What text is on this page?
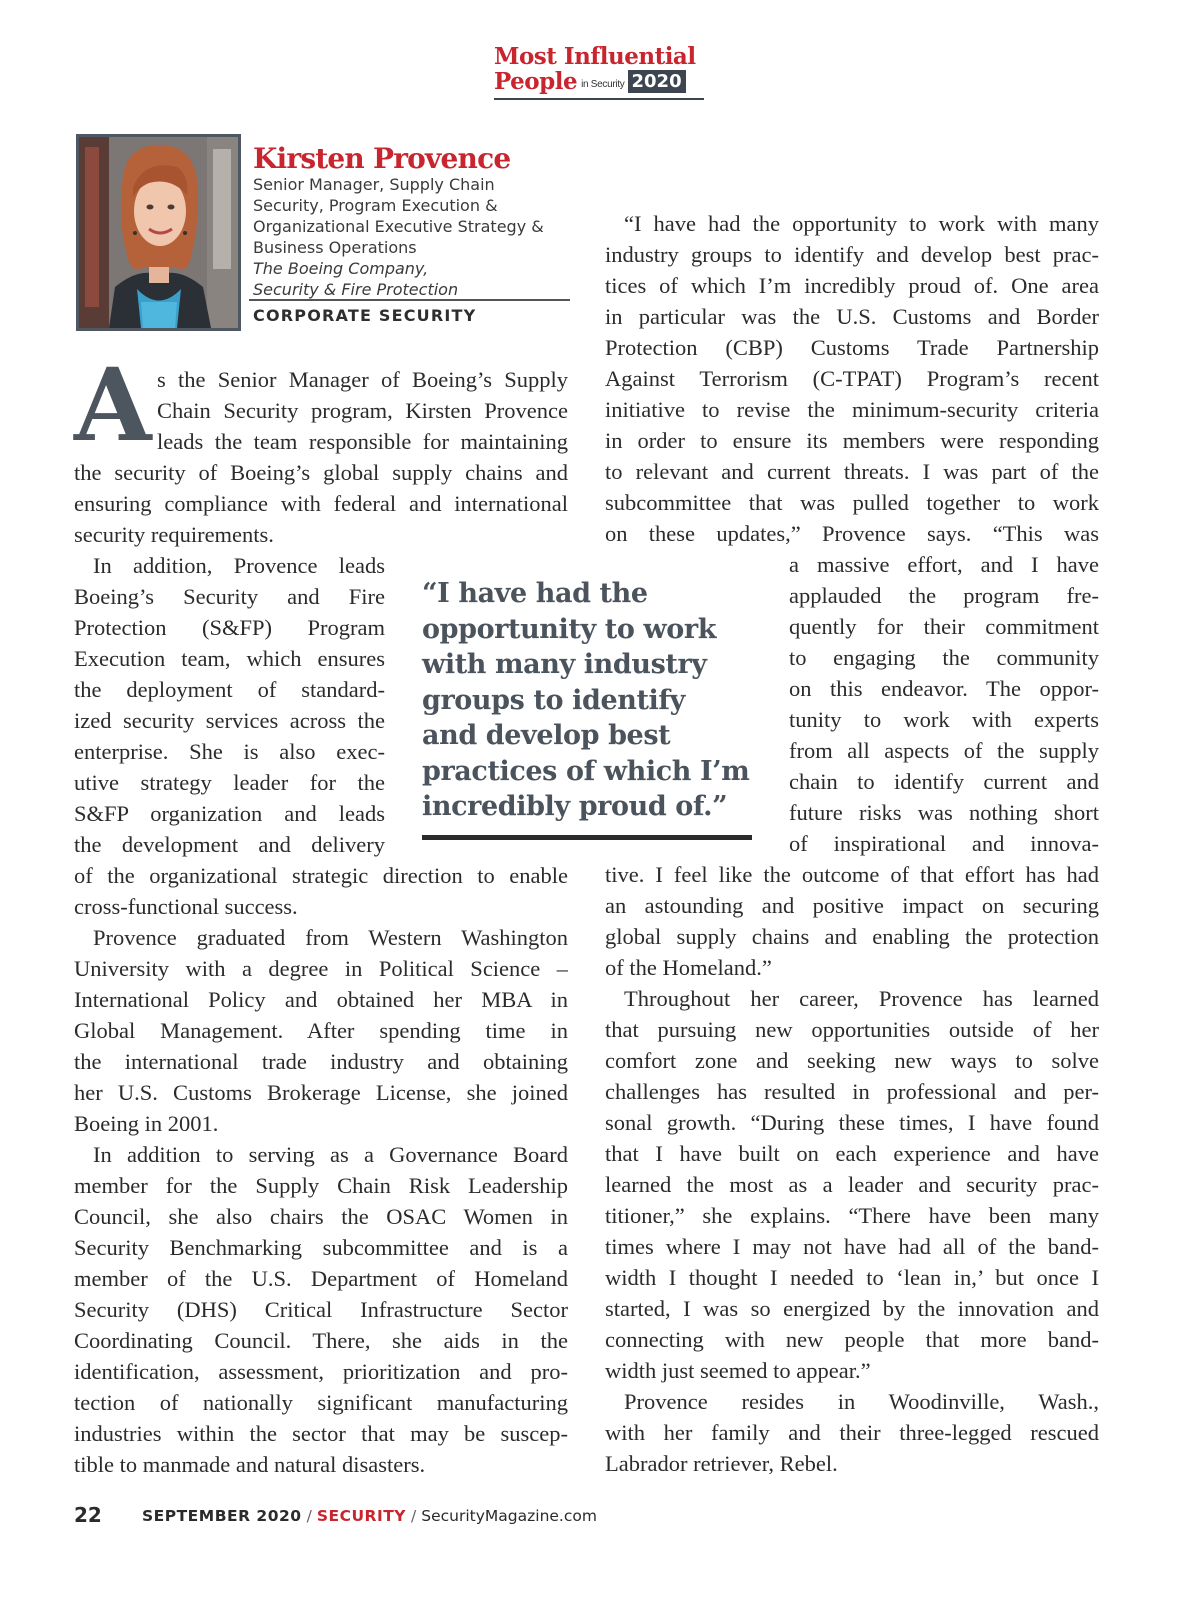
Most Influential
People in Security 2020
Kirsten Provence
Senior Manager, Supply Chain
Security, Program Execution &
Organizational Executive Strategy &
Business Operations
The Boeing Company,
Security & Fire Protection
CORPORATE SECURITY
A s the Senior Manager of Boeing’s Supply
Chain Security program, Kirsten Provence
leads the team responsible for maintaining
the security of Boeing’s global supply chains and
ensuring compliance with federal and international
security requirements.
In addition, Provence leads
Boeing’s Security and Fire
Protection (S&FP) Program
Execution team, which ensures
the deployment of standard-
ized security services across the
enterprise. She is also exec-
utive strategy leader for the
S&FP organization and leads
the development and delivery
of the organizational strategic direction to enable
cross-functional success.
Provence graduated from Western Washington
University with a degree in Political Science –
International Policy and obtained her MBA in
Global Management. After spending time in
the international trade industry and obtaining
her U.S. Customs Brokerage License, she joined
Boeing in 2001.
In addition to serving as a Governance Board
member for the Supply Chain Risk Leadership
Council, she also chairs the OSAC Women in
Security Benchmarking subcommittee and is a
member of the U.S. Department of Homeland
Security (DHS) Critical Infrastructure Sector
Coordinating Council. There, she aids in the
identification, assessment, prioritization and pro-
tection of nationally significant manufacturing
industries within the sector that may be suscep-
tible to manmade and natural disasters.
“I have had the opportunity to work with many
industry groups to identify and develop best prac-
tices of which I’m incredibly proud of. One area
in particular was the U.S. Customs and Border
Protection (CBP) Customs Trade Partnership
Against Terrorism (C-TPAT) Program’s recent
initiative to revise the minimum-security criteria
in order to ensure its members were responding
to relevant and current threats. I was part of the
subcommittee that was pulled together to work
on these updates,” Provence says. “This was
a massive effort, and I have
applauded the program fre-
quently for their commitment
to engaging the community
on this endeavor. The oppor-
tunity to work with experts
from all aspects of the supply
chain to identify current and
future risks was nothing short
of inspirational and innova-
tive. I feel like the outcome of that effort has had
an astounding and positive impact on securing
global supply chains and enabling the protection
of the Homeland.”
Throughout her career, Provence has learned
that pursuing new opportunities outside of her
comfort zone and seeking new ways to solve
challenges has resulted in professional and per-
sonal growth. “During these times, I have found
that I have built on each experience and have
learned the most as a leader and security prac-
titioner,” she explains. “There have been many
times where I may not have had all of the band-
width I thought I needed to ‘lean in,’ but once I
started, I was so energized by the innovation and
connecting with new people that more band-
width just seemed to appear.”
Provence resides in Woodinville, Wash.,
with her family and their three-legged rescued
Labrador retriever, Rebel.
“I have had the
opportunity to work
with many industry
groups to identify
and develop best
practices of which I’m
incredibly proud of.”
22	SEPTEMBER 2020 / SECURITY / SecurityMagazine.com
